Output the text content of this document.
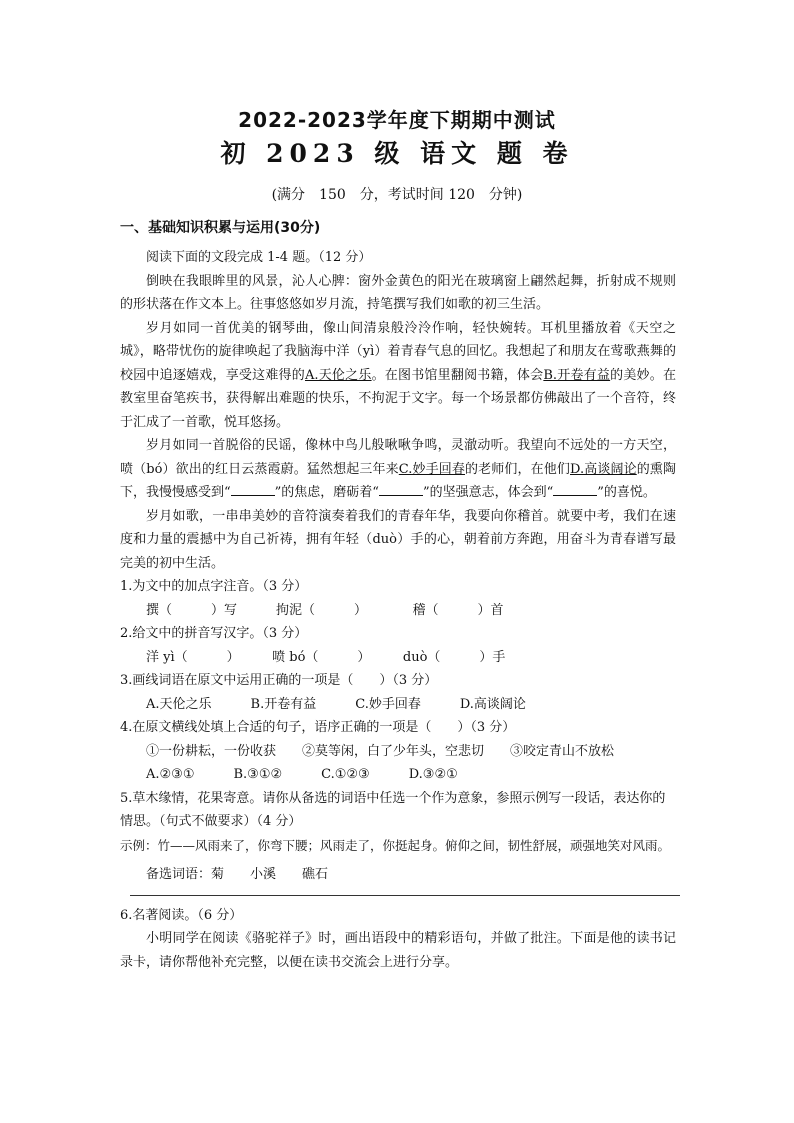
2022-2023学年度下期期中测试
初 2023 级 语文 题 卷
(满分　150　分，考试时间 120　分钟)
一、基础知识积累与运用(30分)

阅读下面的文段完成 1-4 题。（12 分）

倒映在我眼眸里的风景，沁人心脾：窗外金黄色的阳光在玻璃窗上翩然起舞，折射成不规则的形状落在作文本上。往事悠悠如岁月流，持笔撰写我们如歌的初三生活。

岁月如同一首优美的钢琴曲，像山间清泉般泠泠作响，轻快婉转。耳机里播放着《天空之城》，略带忧伤的旋律唤起了我脑海中洋（yì）着青春气息的回忆。我想起了和朋友在莺歌燕舞的校园中追逐嬉戏，享受这难得的A.天伦之乐。在图书馆里翻阅书籍，体会B.开卷有益的美妙。在教室里奋笔疾书，获得解出难题的快乐，不拘泥于文字。每一个场景都仿佛敲出了一个音符，终于汇成了一首歌，悦耳悠扬。

岁月如同一首脱俗的民谣，像林中鸟儿般啾啾争鸣，灵澈动听。我望向不远处的一方天空，喷（bó）欲出的红日云蒸霞蔚。猛然想起三年来C.妙手回春的老师们，在他们D.高谈阔论的熏陶下，我慢慢感受到“	”的焦虑，磨砺着“	”的坚强意志，体会到“	”的喜悦。

岁月如歌，一串串美妙的音符演奏着我们的青春年华，我要向你稽首。就要中考，我们在速度和力量的震撼中为自己祈祷，拥有年轻（duò）手的心，朝着前方奔跑，用奋斗为青春谱写最完美的初中生活。

1.为文中的加点字注音。（3 分）

撰（　　　）写　　　拘泥（　　　）　　　　稽（　　　）首

2.给文中的拼音写汉字。（3 分）

洋 yì（　　　）　　　喷 bó（　　　）　　　duò（　　　）手

3.画线词语在原文中运用正确的一项是（　　）（3 分）

A.天伦之乐　　　B.开卷有益　　　C.妙手回春　　　D.高谈阔论

4.在原文横线处填上合适的句子，语序正确的一项是（　　）（3 分）

①一份耕耘，一份收获　　②莫等闲，白了少年头，空悲切　　③咬定青山不放松

A.②③①　　　B.③①②　　　C.①②③　　　D.③②①

5.草木缘情，花果寄意。请你从备选的词语中任选一个作为意象，参照示例写一段话，表达你的情思。（句式不做要求）（4 分）

示例：竹——风雨来了，你弯下腰；风雨走了，你挺起身。俯仰之间，韧性舒展，顽强地笑对风雨。

备选词语：菊　　小溪　　礁石

6.名著阅读。（6 分）

小明同学在阅读《骆驼祥子》时，画出语段中的精彩语句，并做了批注。下面是他的读书记录卡，请你帮他补充完整，以便在读书交流会上进行分享。
